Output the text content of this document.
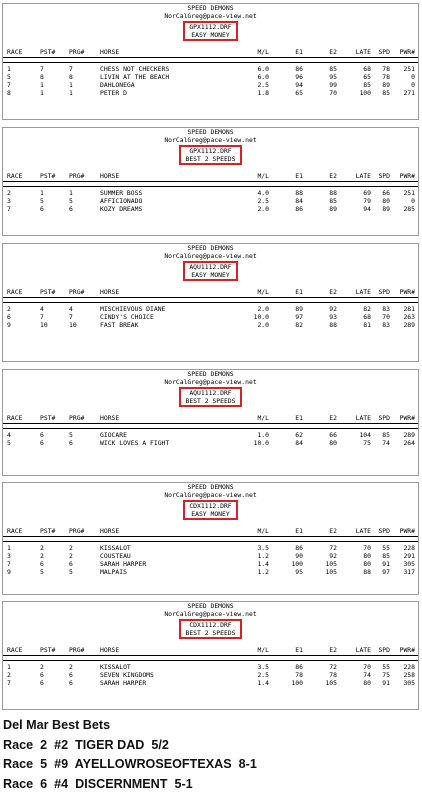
SPEED DEMONS
NorCalGreg@pace-view.net
GPX1112.DRF
EASY MONEY
RACE	PST# PRG# HORSE	M/L	E1	E2	LATE SPD PWR#
1	7	7	CHESS NOT CHECKERS	6.0	86	85	68 78 251
5	8	8	LIVIN AT THE BEACH	6.0	96	95	65 78	0
7	1	1	DAHLONEGA	2.5	94	99	85 89	0
8	1	1	PETER D	1.8	65	70	100 85 271
SPEED DEMONS
NorCalGreg@pace-view.net
GPX1112.DRF
BEST 2 SPEEDS
RACE	PST# PRG# HORSE	M/L	E1	E2	LATE SPD PWR#
2	1	1	SUMMER BOSS	4.0	88	88	69 66 251
3	5	5	AFFICIONADO	2.5	84	85	79 80	0
7	6	6	KOZY DREAMS	2.0	86	89	94 89 285
SPEED DEMONS
NorCalGreg@pace-view.net
AQU1112.DRF
EASY MONEY
RACE	PST# PRG# HORSE	M/L	E1	E2	LATE SPD PWR#
2	4	4	MISCHIEVOUS DIANE	2.0	89	92	82 83 281
6	7	7	CINDY'S CHOICE	10.0	97	93	68 70 263
9	10	10	FAST BREAK	2.0	82	88	81 83 289
SPEED DEMONS
NorCalGreg@pace-view.net
AQU1112.DRF
BEST 2 SPEEDS
RACE	PST# PRG# HORSE	M/L	E1	E2	LATE SPD PWR#
4	6	5	GIOCARE	1.0	62	66	104 85 289
5	6	6	WICK LOVES A FIGHT	10.0	84	80	75 74 264
SPEED DEMONS
NorCalGreg@pace-view.net
CDX1112.DRF
EASY MONEY
RACE	PST# PRG# HORSE	M/L	E1	E2	LATE SPD PWR#
1	2	2	KISSALOT	3.5	86	72	70 55 228
3	2	2	COUSTEAU	1.2	90	92	80 85 291
7	6	6	SARAH HARPER	1.4	100	105	80 91 305
9	5	5	MALPAIS	1.2	95	105	88 97 317
SPEED DEMONS
NorCalGreg@pace-view.net
CDX1112.DRF
BEST 2 SPEEDS
RACE	PST# PRG# HORSE	M/L	E1	E2	LATE SPD PWR#
1	2	2	KISSALOT	3.5	86	72	70 55 228
2	6	6	SEVEN KINGDOMS	2.5	78	78	74 75 258
7	6	6	SARAH HARPER	1.4	100	105	80 91 305
Del Mar Best Bets
Race  2  #2  TIGER DAD  5/2
Race  5  #9  AYELLOWROSEOFTEXAS  8-1
Race  6  #4  DISCERNMENT  5-1
